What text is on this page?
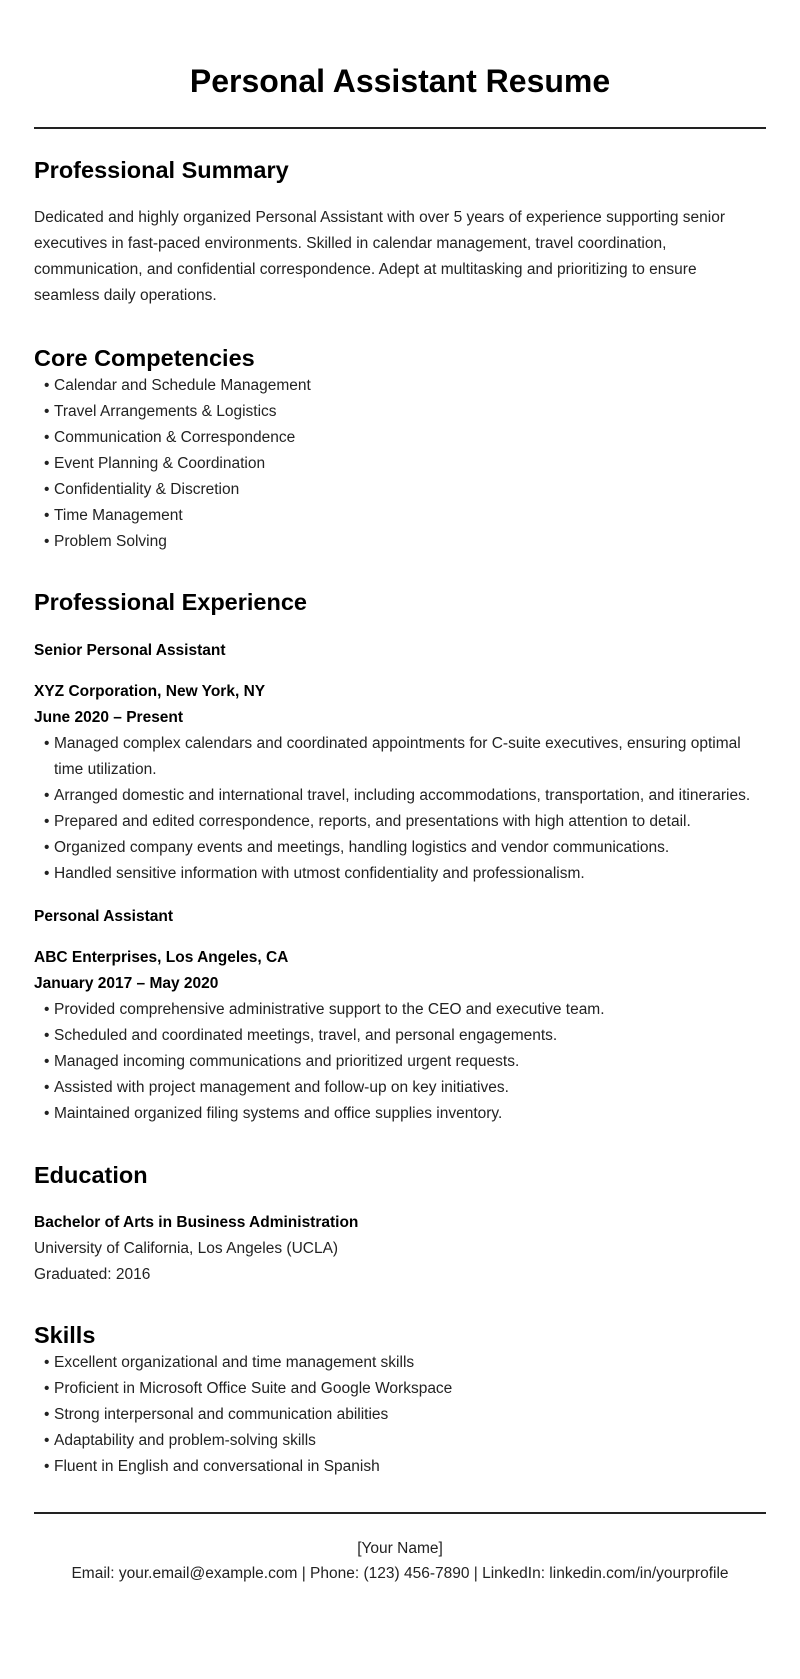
Personal Assistant Resume
Professional Summary

Dedicated and highly organized Personal Assistant with over 5 years of experience supporting senior executives in fast-paced environments. Skilled in calendar management, travel coordination, communication, and confidential correspondence. Adept at multitasking and prioritizing to ensure seamless daily operations.

Core Competencies
• Calendar and Schedule Management
• Travel Arrangements & Logistics
• Communication & Correspondence
• Event Planning & Coordination
• Confidentiality & Discretion
• Time Management
• Problem Solving
Professional Experience
Senior Personal Assistant
XYZ Corporation, New York, NY
June 2020 – Present
• Managed complex calendars and coordinated appointments for C-suite executives, ensuring optimal time utilization.
• Arranged domestic and international travel, including accommodations, transportation, and itineraries.
• Prepared and edited correspondence, reports, and presentations with high attention to detail.
• Organized company events and meetings, handling logistics and vendor communications.
• Handled sensitive information with utmost confidentiality and professionalism.
Personal Assistant
ABC Enterprises, Los Angeles, CA
January 2017 – May 2020
• Provided comprehensive administrative support to the CEO and executive team.
• Scheduled and coordinated meetings, travel, and personal engagements.
• Managed incoming communications and prioritized urgent requests.
• Assisted with project management and follow-up on key initiatives.
• Maintained organized filing systems and office supplies inventory.
Education

Bachelor of Arts in Business Administration

University of California, Los Angeles (UCLA)

Graduated: 2016

Skills
• Excellent organizational and time management skills
• Proficient in Microsoft Office Suite and Google Workspace
• Strong interpersonal and communication abilities
• Adaptability and problem-solving skills
• Fluent in English and conversational in Spanish
[Your Name]
Email: your.email@example.com | Phone: (123) 456-7890 | LinkedIn: linkedin.com/in/yourprofile
